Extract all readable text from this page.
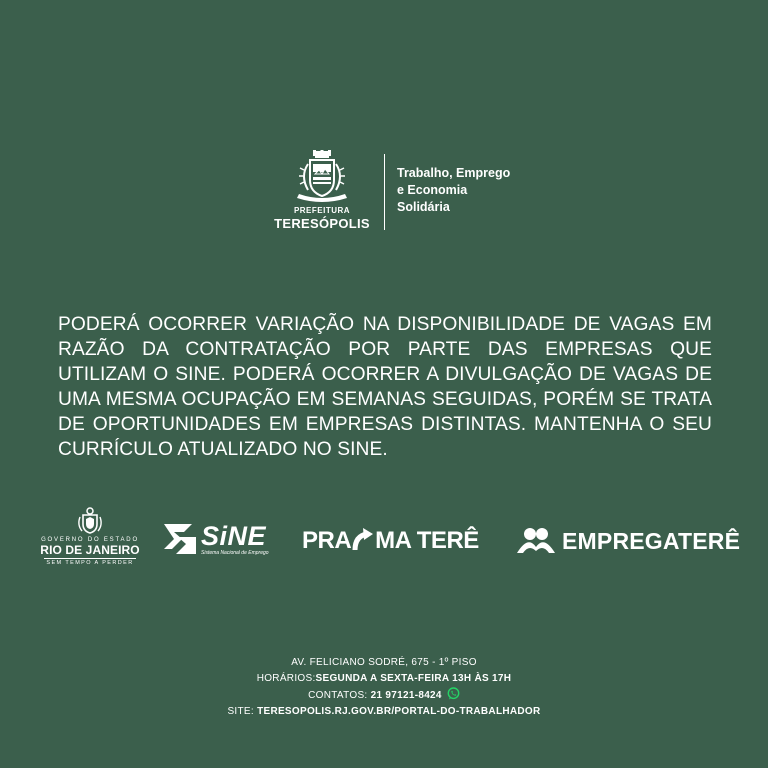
PREFEITURA
TERESÓPOLIS
Trabalho, Emprego
e Economia
Solidária
PODERÁ OCORRER VARIAÇÃO NA DISPONIBILIDADE DE VAGAS EM RAZÃO DA CONTRATAÇÃO POR PARTE DAS EMPRESAS QUE UTILIZAM O SINE. PODERÁ OCORRER A DIVULGAÇÃO DE VAGAS DE UMA MESMA OCUPAÇÃO EM SEMANAS SEGUIDAS, PORÉM SE TRATA DE OPORTUNIDADES EM EMPRESAS DISTINTAS. MANTENHA O SEU CURRÍCULO ATUALIZADO NO SINE.
GOVERNO DO ESTADO
RIO DE JANEIRO
SEM TEMPO A PERDER
SiNE
Sistema Nacional de Emprego PRA MA TERÊ	EMPREGATERÊ
AV. FELICIANO SODRÉ, 675 - 1º PISO
HORÁRIOS:SEGUNDA A SEXTA-FEIRA 13H ÀS 17H
CONTATOS: 21 97121-8424
SITE: TERESOPOLIS.RJ.GOV.BR/PORTAL-DO-TRABALHADOR
